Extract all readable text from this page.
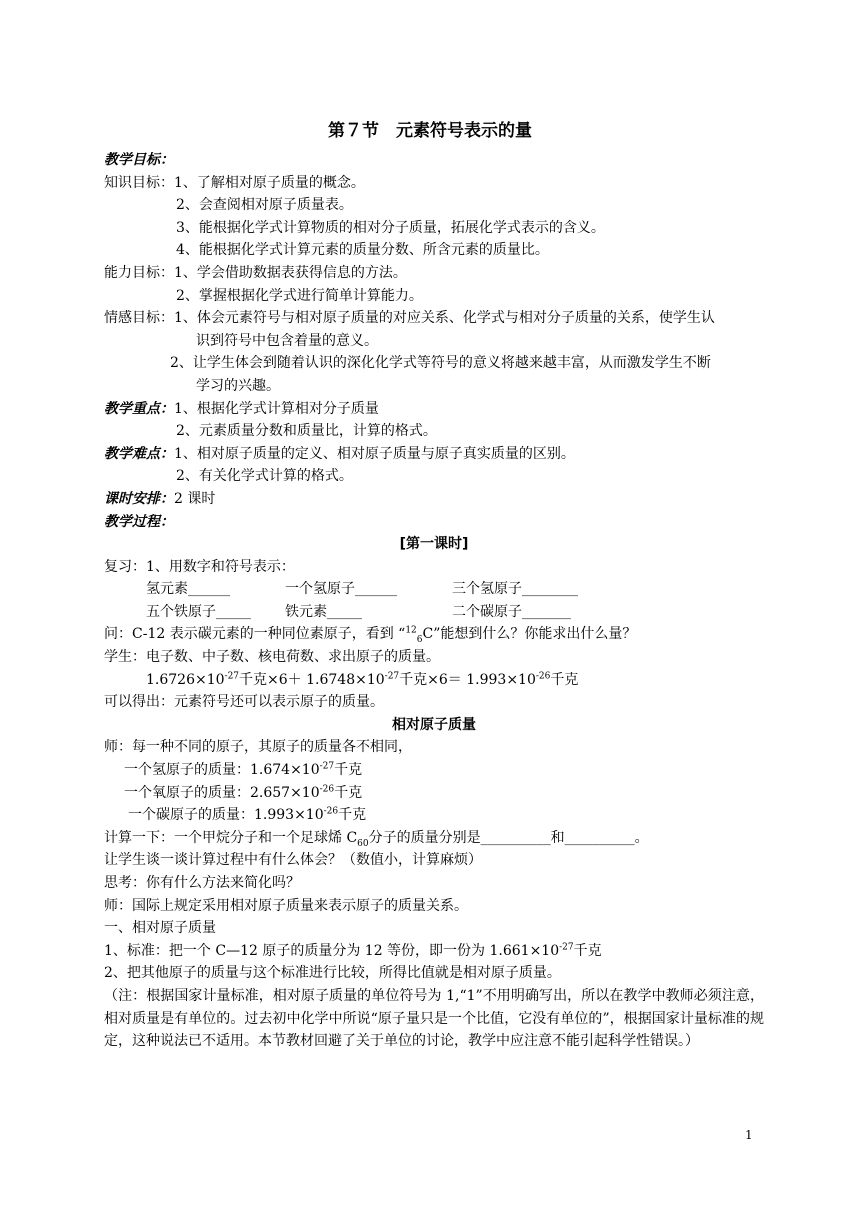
第７节　元素符号表示的量
教学目标：
知识目标：1、了解相对原子质量的概念。
2、会查阅相对原子质量表。
3、能根据化学式计算物质的相对分子质量，拓展化学式表示的含义。
4、能根据化学式计算元素的质量分数、所含元素的质量比。
能力目标：1、学会借助数据表获得信息的方法。
2、掌握根据化学式进行简单计算能力。
情感目标：1、体会元素符号与相对原子质量的对应关系、化学式与相对分子质量的关系，使学生认
识到符号中包含着量的意义。
2、让学生体会到随着认识的深化化学式等符号的意义将越来越丰富，从而激发学生不断
学习的兴趣。
教学重点：1、根据化学式计算相对分子质量
2、元素质量分数和质量比，计算的格式。
教学难点：1、相对原子质量的定义、相对原子质量与原子真实质量的区别。
2、有关化学式计算的格式。
课时安排：2 课时
教学过程：
[第一课时]
复习：1、用数字和符号表示：
氢元素______	一个氢原子______	三个氢原子________
五个铁原子_____ 铁元素_____	二个碳原子_______
问：C-12 表示碳元素的一种同位素原子，看到 “$^{12}_6$C”能想到什么？你能求出什么量？
学生：电子数、中子数、核电荷数、求出原子的质量。
$1.6726\times 10^{-27}$千克$\times 6+ 1.6748\times 10^{-27}$千克$\times 6= 1.993\times 10^{-26}$千克
可以得出：元素符号还可以表示原子的质量。
相对原子质量
师：每一种不同的原子，其原子的质量各不相同，
一个氢原子的质量：$1.674\times 10^{-27}$千克
一个氧原子的质量：$2.657\times 10^{-26}$千克
一个碳原子的质量：$1.993\times 10^{-26}$千克
计算一下：一个甲烷分子和一个足球烯 $C_{60}$分子的质量分别是__________和__________。
让学生谈一谈计算过程中有什么体会？（数值小，计算麻烦）
思考：你有什么方法来简化吗？
师：国际上规定采用相对原子质量来表示原子的质量关系。
一、相对原子质量
1、标准：把一个 C—12 原子的质量分为 12 等份，即一份为 $1.661\times 10^{-27}$千克
2、把其他原子的质量与这个标准进行比较，所得比值就是相对原子质量。
（注：根据国家计量标准，相对原子质量的单位符号为 1,“1”不用明确写出，所以在教学中教师必须注意，相对质量是有单位的。过去初中化学中所说“原子量只是一个比值，它没有单位的”，根据国家计量标准的规定，这种说法已不适用。本节教材回避了关于单位的讨论，教学中应注意不能引起科学性错误。）
1
